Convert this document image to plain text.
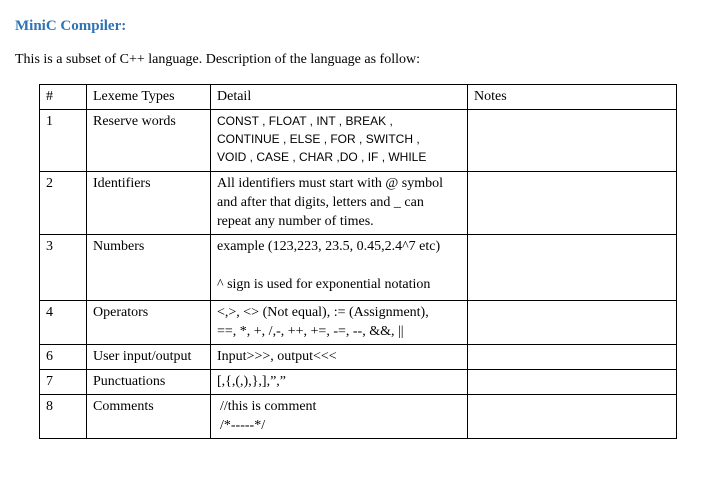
MiniC Compiler:
This is a subset of C++ language. Description of the language as follow:
#	Lexeme Types	Detail	Notes
1	Reserve words	CONST , FLOAT , INT , BREAK ,
CONTINUE , ELSE , FOR , SWITCH ,
VOID , CASE , CHAR ,DO , IF , WHILE	

2	Identifiers	All identifiers must start with @ symbol
and after that digits, letters and _ can
repeat any number of times.	

3	Numbers	example (123,223, 23.5, 0.45,2.4^7 etc)

^ sign is used for exponential notation	

4	Operators	<,>, <> (Not equal), := (Assignment),
==, *, +, /,-, ++, +=, -=, --, &&, ||	

6	User input/output	Input>>>, output<<<	

7	Punctuations	[,{,(,),},],”,”	

8	Comments	//this is comment
/*-----*/	
